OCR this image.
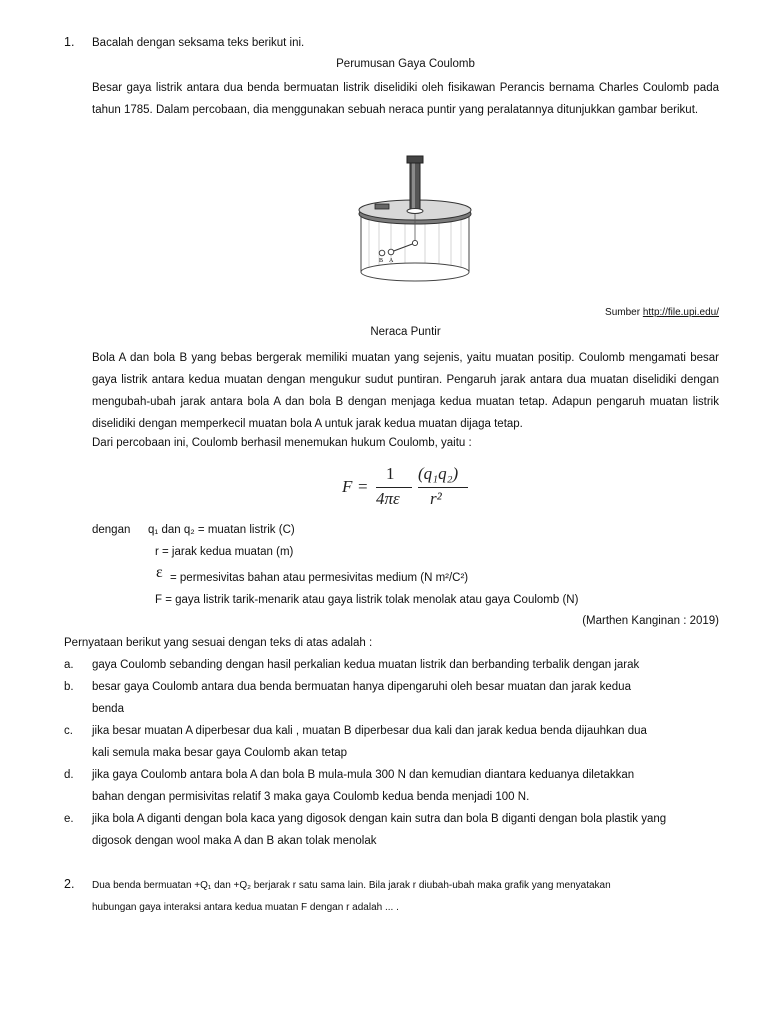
1. Bacalah dengan seksama teks berikut ini.
Perumusan Gaya Coulomb
Besar gaya listrik antara dua benda bermuatan listrik diselidiki oleh fisikawan Perancis bernama Charles Coulomb pada tahun 1785. Dalam percobaan, dia menggunakan sebuah neraca puntir yang peralatannya ditunjukkan gambar berikut.
B A
Sumber http://file.upi.edu/
Neraca Puntir
Bola A dan bola B yang bebas bergerak memiliki muatan yang sejenis, yaitu muatan positip. Coulomb mengamati besar gaya listrik antara kedua muatan dengan mengukur sudut puntiran. Pengaruh jarak antara dua muatan diselidiki dengan mengubah-ubah jarak antara bola A dan bola B dengan menjaga kedua muatan tetap. Adapun pengaruh muatan listrik diselidiki dengan memperkecil muatan bola A untuk jarak kedua muatan dijaga tetap.
Dari percobaan ini, Coulomb berhasil menemukan hukum Coulomb, yaitu :
F =
1
4πε
(q₁q₂)
r²
dengan q₁ dan q₂ = muatan listrik (C)
r = jarak kedua muatan (m)
ε = permesivitas bahan atau permesivitas medium (N m²/C²)
F = gaya listrik tarik-menarik atau gaya listrik tolak menolak atau gaya Coulomb (N)
(Marthen Kanginan : 2019)
Pernyataan berikut yang sesuai dengan teks di atas adalah :
a.	gaya Coulomb sebanding dengan hasil perkalian kedua muatan listrik dan berbanding terbalik dengan jarak
b.	besar gaya Coulomb antara dua benda bermuatan hanya dipengaruhi oleh besar muatan dan jarak kedua
benda
c.	jika besar muatan A diperbesar dua kali , muatan B diperbesar dua kali dan jarak kedua benda dijauhkan dua
kali semula maka besar gaya Coulomb akan tetap
d.	jika gaya Coulomb antara bola A dan bola B mula-mula 300 N dan kemudian diantara keduanya diletakkan
bahan dengan permisivitas relatif 3 maka gaya Coulomb kedua benda menjadi 100 N.
e.	jika bola A diganti dengan bola kaca yang digosok dengan kain sutra dan bola B diganti dengan bola plastik yang
digosok dengan wool maka A dan B akan tolak menolak
2. Dua benda bermuatan +Q₁ dan +Q₂ berjarak r satu sama lain. Bila jarak r diubah-ubah maka grafik yang menyatakan
hubungan gaya interaksi antara kedua muatan F dengan r adalah ... .
